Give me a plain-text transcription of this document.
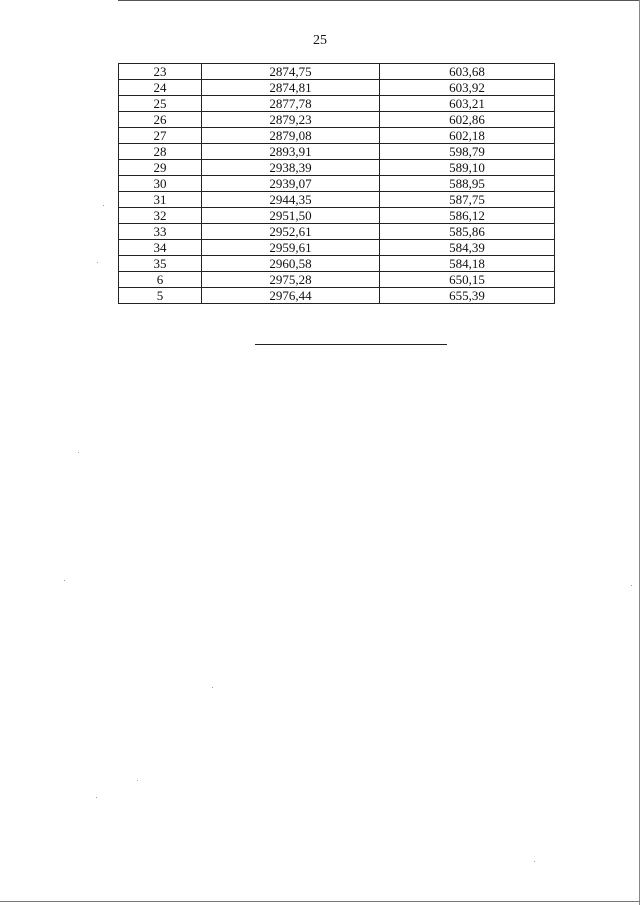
25
23	2874,75	603,68
24	2874,81	603,92
25	2877,78	603,21
26	2879,23	602,86
27	2879,08	602,18
28	2893,91	598,79
29	2938,39	589,10
30	2939,07	588,95
31	2944,35	587,75
32	2951,50	586,12
33	2952,61	585,86
34	2959,61	584,39
35	2960,58	584,18
6	2975,28	650,15
5	2976,44	655,39
